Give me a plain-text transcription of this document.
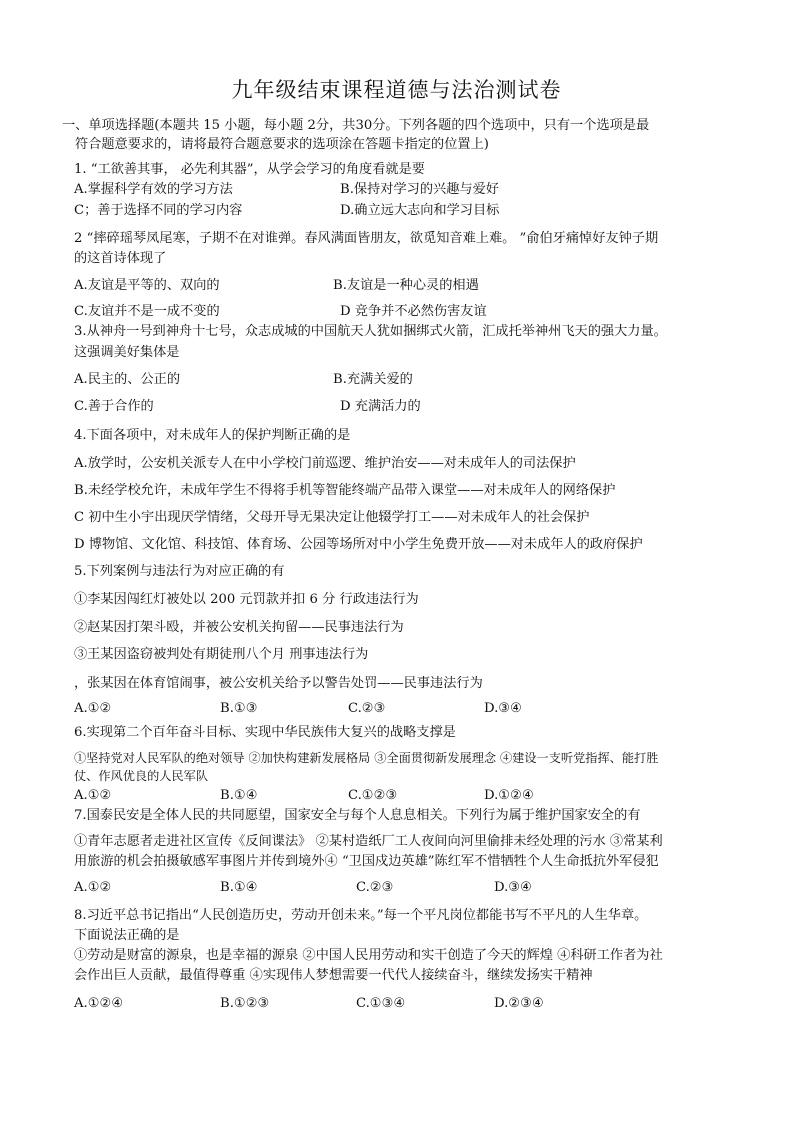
九年级结束课程道德与法治测试卷
一、单项选择题(本题共 15 小题，每小题 2分，共30分。下列各题的四个选项中，只有一个选项是最
符合题意要求的，请将最符合题意要求的选项涂在答题卡指定的位置上)
1. “工欲善其事， 必先利其器”，从学会学习的角度看就是要
A.掌握科学有效的学习方法	B.保持对学习的兴趣与爱好
C；善于选择不同的学习内容	D.确立远大志向和学习目标
2 “摔碎瑶琴凤尾寒，子期不在对谁弹。春风满面皆朋友，欲觅知音难上难。 ”俞伯牙痛悼好友钟子期
的这首诗体现了
A.友谊是平等的、双向的	B.友谊是一种心灵的相遇
C.友谊并不是一成不变的	D 竞争并不必然伤害友谊
3.从神舟一号到神舟十七号，众志成城的中国航天人犹如捆绑式火箭，汇成托举神州飞天的强大力量。
这强调美好集体是
A.民主的、公正的	B.充满关爱的
C.善于合作的	D 充满活力的
4.下面各项中，对未成年人的保护判断正确的是
A.放学时，公安机关派专人在中小学校门前巡逻、维护治安——对未成年人的司法保护
B.未经学校允许，未成年学生不得将手机等智能终端产品带入课堂——对未成年人的网络保护
C 初中生小宇出现厌学情绪，父母开导无果决定让他辍学打工——对未成年人的社会保护
D 博物馆、文化馆、科技馆、体育场、公园等场所对中小学生免费开放——对未成年人的政府保护
5.下列案例与违法行为对应正确的有
①李某因闯红灯被处以 200 元罚款并扣 6 分 行政违法行为
②赵某因打架斗殴，并被公安机关拘留——民事违法行为
③王某因盗窃被判处有期徒刑八个月 刑事违法行为
，张某因在体育馆闹事，被公安机关给予以警告处罚——民事违法行为
A.①②	B.①③	C.②③	D.③④
6.实现第二个百年奋斗目标、实现中华民族伟大复兴的战略支撑是
①坚持党对人民军队的绝对领导 ②加快构建新发展格局 ③全面贯彻新发展理念 ④建设一支听党指挥、能打胜
仗、作风优良的人民军队
A.①②	B.①④	C.①②③	D.①②④
7.国泰民安是全体人民的共同愿望，国家安全与每个人息息相关。下列行为属于维护国家安全的有
①青年志愿者走进社区宣传《反间谍法》 ②某村造纸厂工人夜间向河里偷排未经处理的污水 ③常某利
用旅游的机会拍摄敏感军事图片并传到境外④ “卫国戍边英雄”陈红军不惜牺牲个人生命抵抗外军侵犯
A.①②	B.①④	C.②③	D.③④
8.习近平总书记指出“人民创造历史，劳动开创未来。”每一个平凡岗位都能书写不平凡的人生华章。
下面说法正确的是
①劳动是财富的源泉，也是幸福的源泉 ②中国人民用劳动和实干创造了今天的辉煌 ④科研工作者为社
会作出巨人贡献，最值得尊重 ④实现伟人梦想需要一代代人接续奋斗，继续发扬实干精神
A.①②④	B.①②③	C.①③④	D.②③④
